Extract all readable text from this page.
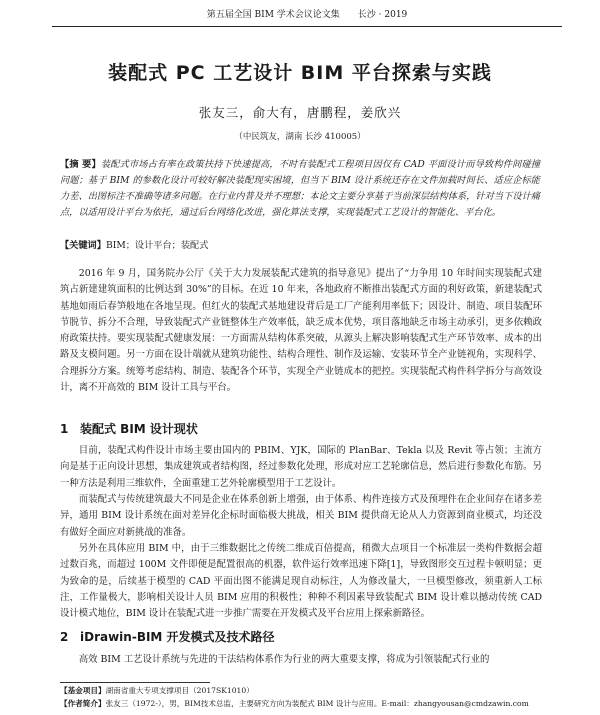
第五届全国 BIM 学术会议论文集 长沙 · 2019
装配式 PC 工艺设计 BIM 平台探索与实践
张友三，俞大有，唐鹏程，姜欣兴
（中民筑友，湖南 长沙 410005）
【摘 要】装配式市场占有率在政策扶持下快速提高，不时有装配式工程项目因仅有 CAD 平面设计而导致构件间碰撞问题；基于 BIM 的参数化设计可较好解决装配现实困境，但当下 BIM 设计系统还存在文件加载时间长、适应企标能力差、出图标注不准确等诸多问题。在行业内普及并不理想；本论文主要分享基于当前深层结构体系，针对当下设计痛点，以适用设计平台为依托，通过后台网络化改进，强化算法支撑，实现装配式工艺设计的智能化、平台化。
【关键词】BIM；设计平台；装配式

2016 年 9 月，国务院办公厅《关于大力发展装配式建筑的指导意见》提出了“力争用 10 年时间实现装配式建筑占新建建筑面积的比例达到 30%”的目标。在近 10 年来，各地政府不断推出装配式方面的利好政策，新建装配式基地如雨后春笋般地在各地呈现。但红火的装配式基地建设背后是工厂产能利用率低下；因设计、制造、项目装配环节脱节、拆分不合理，导致装配式产业链整体生产效率低，缺乏成本优势，项目落地缺乏市场主动承引，更多依赖政府政策扶持。要实现装配式健康发展：一方面需从结构体系突破，从源头上解决影响装配式生产环节效率、成本的出路及支模问题。另一方面在设计端就从建筑功能性、结构合理性、制作及运输、安装环节全产业链视角，实现科学、合理拆分方案。统筹考虑结构、制造、装配各个环节，实现全产业链成本的把控。实现装配式构件科学拆分与高效设计，离不开高效的 BIM 设计工具与平台。

1 装配式 BIM 设计现状

目前，装配式构件设计市场主要由国内的 PBIM、YJK，国际的 PlanBar、Tekla 以及 Revit 等占领；主流方向是基于正向设计思想，集成建筑或者结构图，经过参数化处理，形成对应工艺轮廓信息，然后进行参数化布筋。另一种方法是利用三维软件，全面重建工艺外轮廓模型用于工艺设计。

而装配式与传统建筑最大不同是企业在体系创新上增强，由于体系、构件连接方式及预埋件在企业间存在诸多差异，通用 BIM 设计系统在面对差异化企标时面临极大挑战，相关 BIM 提供商无论从人力资源到商业模式，均还没有做好全面应对新挑战的准备。

另外在具体应用 BIM 中，由于三维数据比之传统二维成百倍提高，稍微大点项目一个标准层一类构件数据会超过数百兆，而超过 100M 文件即便是配置很高的机器，软件运行效率迅速下降[1]，导致图形交互过程卡顿明显；更为致命的是，后续基于模型的 CAD 平面出图不能满足现自动标注，人为修改量大，一旦模型修改，须重新人工标注，工作量极大，影响相关设计人员 BIM 应用的积极性；种种不利因素导致装配式 BIM 设计难以撼动传统 CAD 设计模式地位，BIM 设计在装配式进一步推广需要在开发模式及平台应用上探索新路径。

2 iDrawin-BIM 开发模式及技术路径

高效 BIM 工艺设计系统与先进的干法结构体系作为行业的两大重要支撑，将成为引领装配式行业的

【基金项目】湖南省重大专项支撑项目（2017SK1010）
【作者简介】张友三（1972-），男，BIM技术总监，主要研究方向为装配式 BIM 设计与应用。E-mail：zhangyousan@cmdzawin.com
